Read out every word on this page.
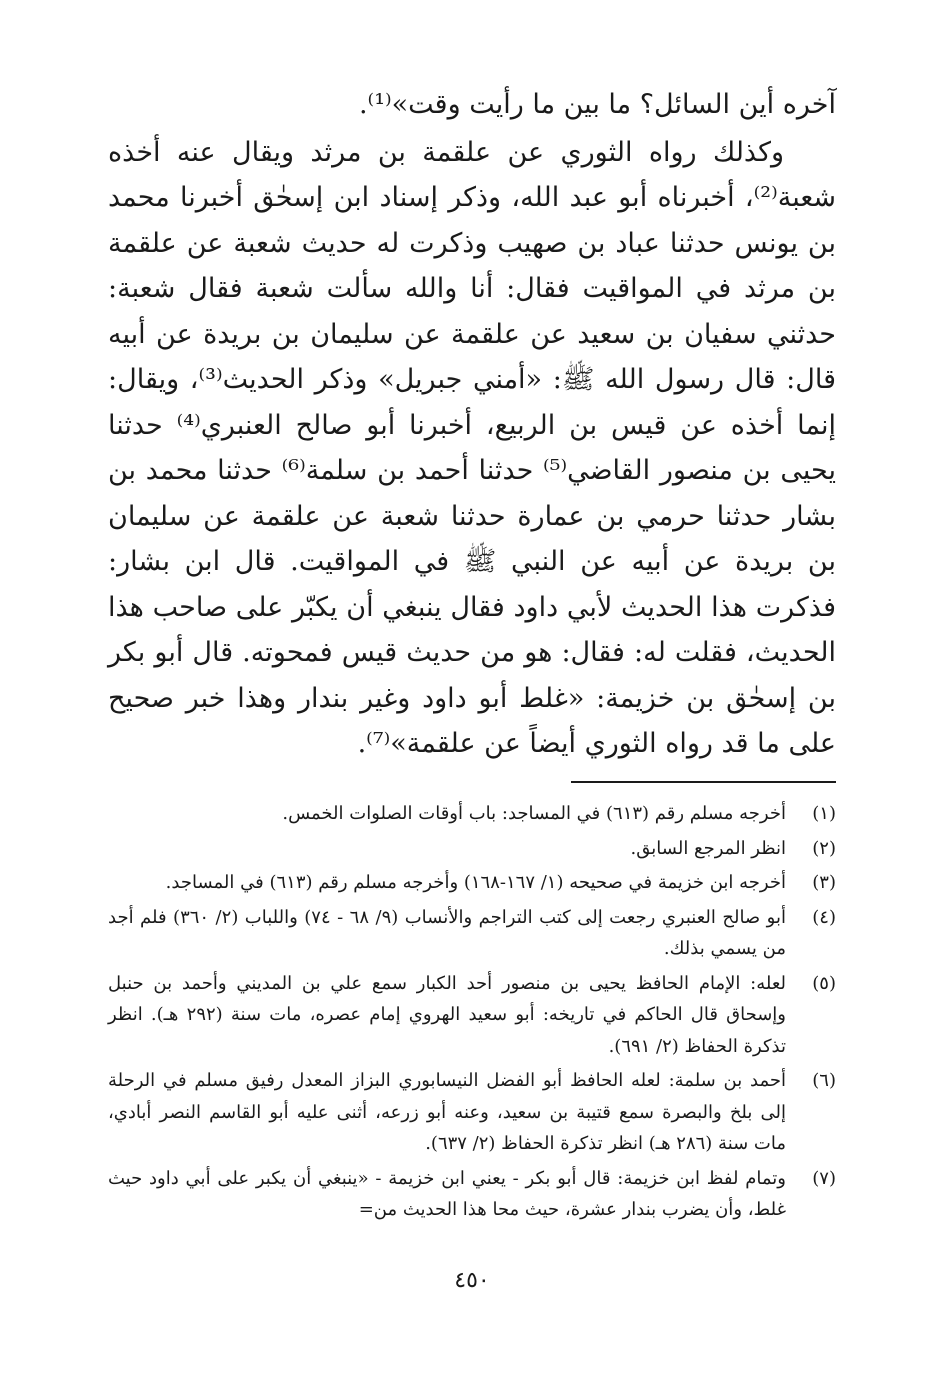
آخره أين السائل؟ ما بين ما رأيت وقت»⁽¹⁾.

وكذلك رواه الثوري عن علقمة بن مرثد ويقال عنه أخذه شعبة⁽²⁾، أخبرناه أبو عبد الله، وذكر إسناد ابن إسحٰق أخبرنا محمد بن يونس حدثنا عباد بن صهيب وذكرت له حديث شعبة عن علقمة بن مرثد في المواقيت فقال: أنا والله سألت شعبة فقال شعبة: حدثني سفيان بن سعيد عن علقمة عن سليمان بن بريدة عن أبيه قال: قال رسول الله ﷺ: «أمني جبريل» وذكر الحديث⁽³⁾، ويقال: إنما أخذه عن قيس بن الربيع، أخبرنا أبو صالح العنبري⁽⁴⁾ حدثنا يحيى بن منصور القاضي⁽⁵⁾ حدثنا أحمد بن سلمة⁽⁶⁾ حدثنا محمد بن بشار حدثنا حرمي بن عمارة حدثنا شعبة عن علقمة عن سليمان بن بريدة عن أبيه عن النبي ﷺ في المواقيت. قال ابن بشار: فذكرت هذا الحديث لأبي داود فقال ينبغي أن يكبّر على صاحب هذا الحديث، فقلت له: فقال: هو من حديث قيس فمحوته. قال أبو بكر بن إسحٰق بن خزيمة: «غلط أبو داود وغير بندار وهذا خبر صحيح على ما قد رواه الثوري أيضاً عن علقمة»⁽⁷⁾.

(١)
أخرجه مسلم رقم (٦١٣) في المساجد: باب أوقات الصلوات الخمس.
(٢)
انظر المرجع السابق.
(٣)
أخرجه ابن خزيمة في صحيحه (١/ ١٦٧-١٦٨) وأخرجه مسلم رقم (٦١٣) في المساجد.
(٤)
أبو صالح العنبري رجعت إلى كتب التراجم والأنساب (٩/ ٦٨ - ٧٤) واللباب (٢/ ٣٦٠) فلم أجد من يسمي بذلك.
(٥)
لعله: الإمام الحافظ يحيى بن منصور أحد الكبار سمع علي بن المديني وأحمد بن حنبل وإسحاق قال الحاكم في تاريخه: أبو سعيد الهروي إمام عصره، مات سنة (٢٩٢ هـ). انظر تذكرة الحفاظ (٢/ ٦٩١).
(٦)
أحمد بن سلمة: لعله الحافظ أبو الفضل النيسابوري البزاز المعدل رفيق مسلم في الرحلة إلى بلخ والبصرة سمع قتيبة بن سعيد، وعنه أبو زرعه، أثنى عليه أبو القاسم النصر أبادي، مات سنة (٢٨٦ هـ) انظر تذكرة الحفاظ (٢/ ٦٣٧).
(٧)
وتمام لفظ ابن خزيمة: قال أبو بكر - يعني ابن خزيمة - «ينبغي أن يكبر على أبي داود حيث غلط، وأن يضرب بندار عشرة، حيث محا هذا الحديث من=
٤٥٠
